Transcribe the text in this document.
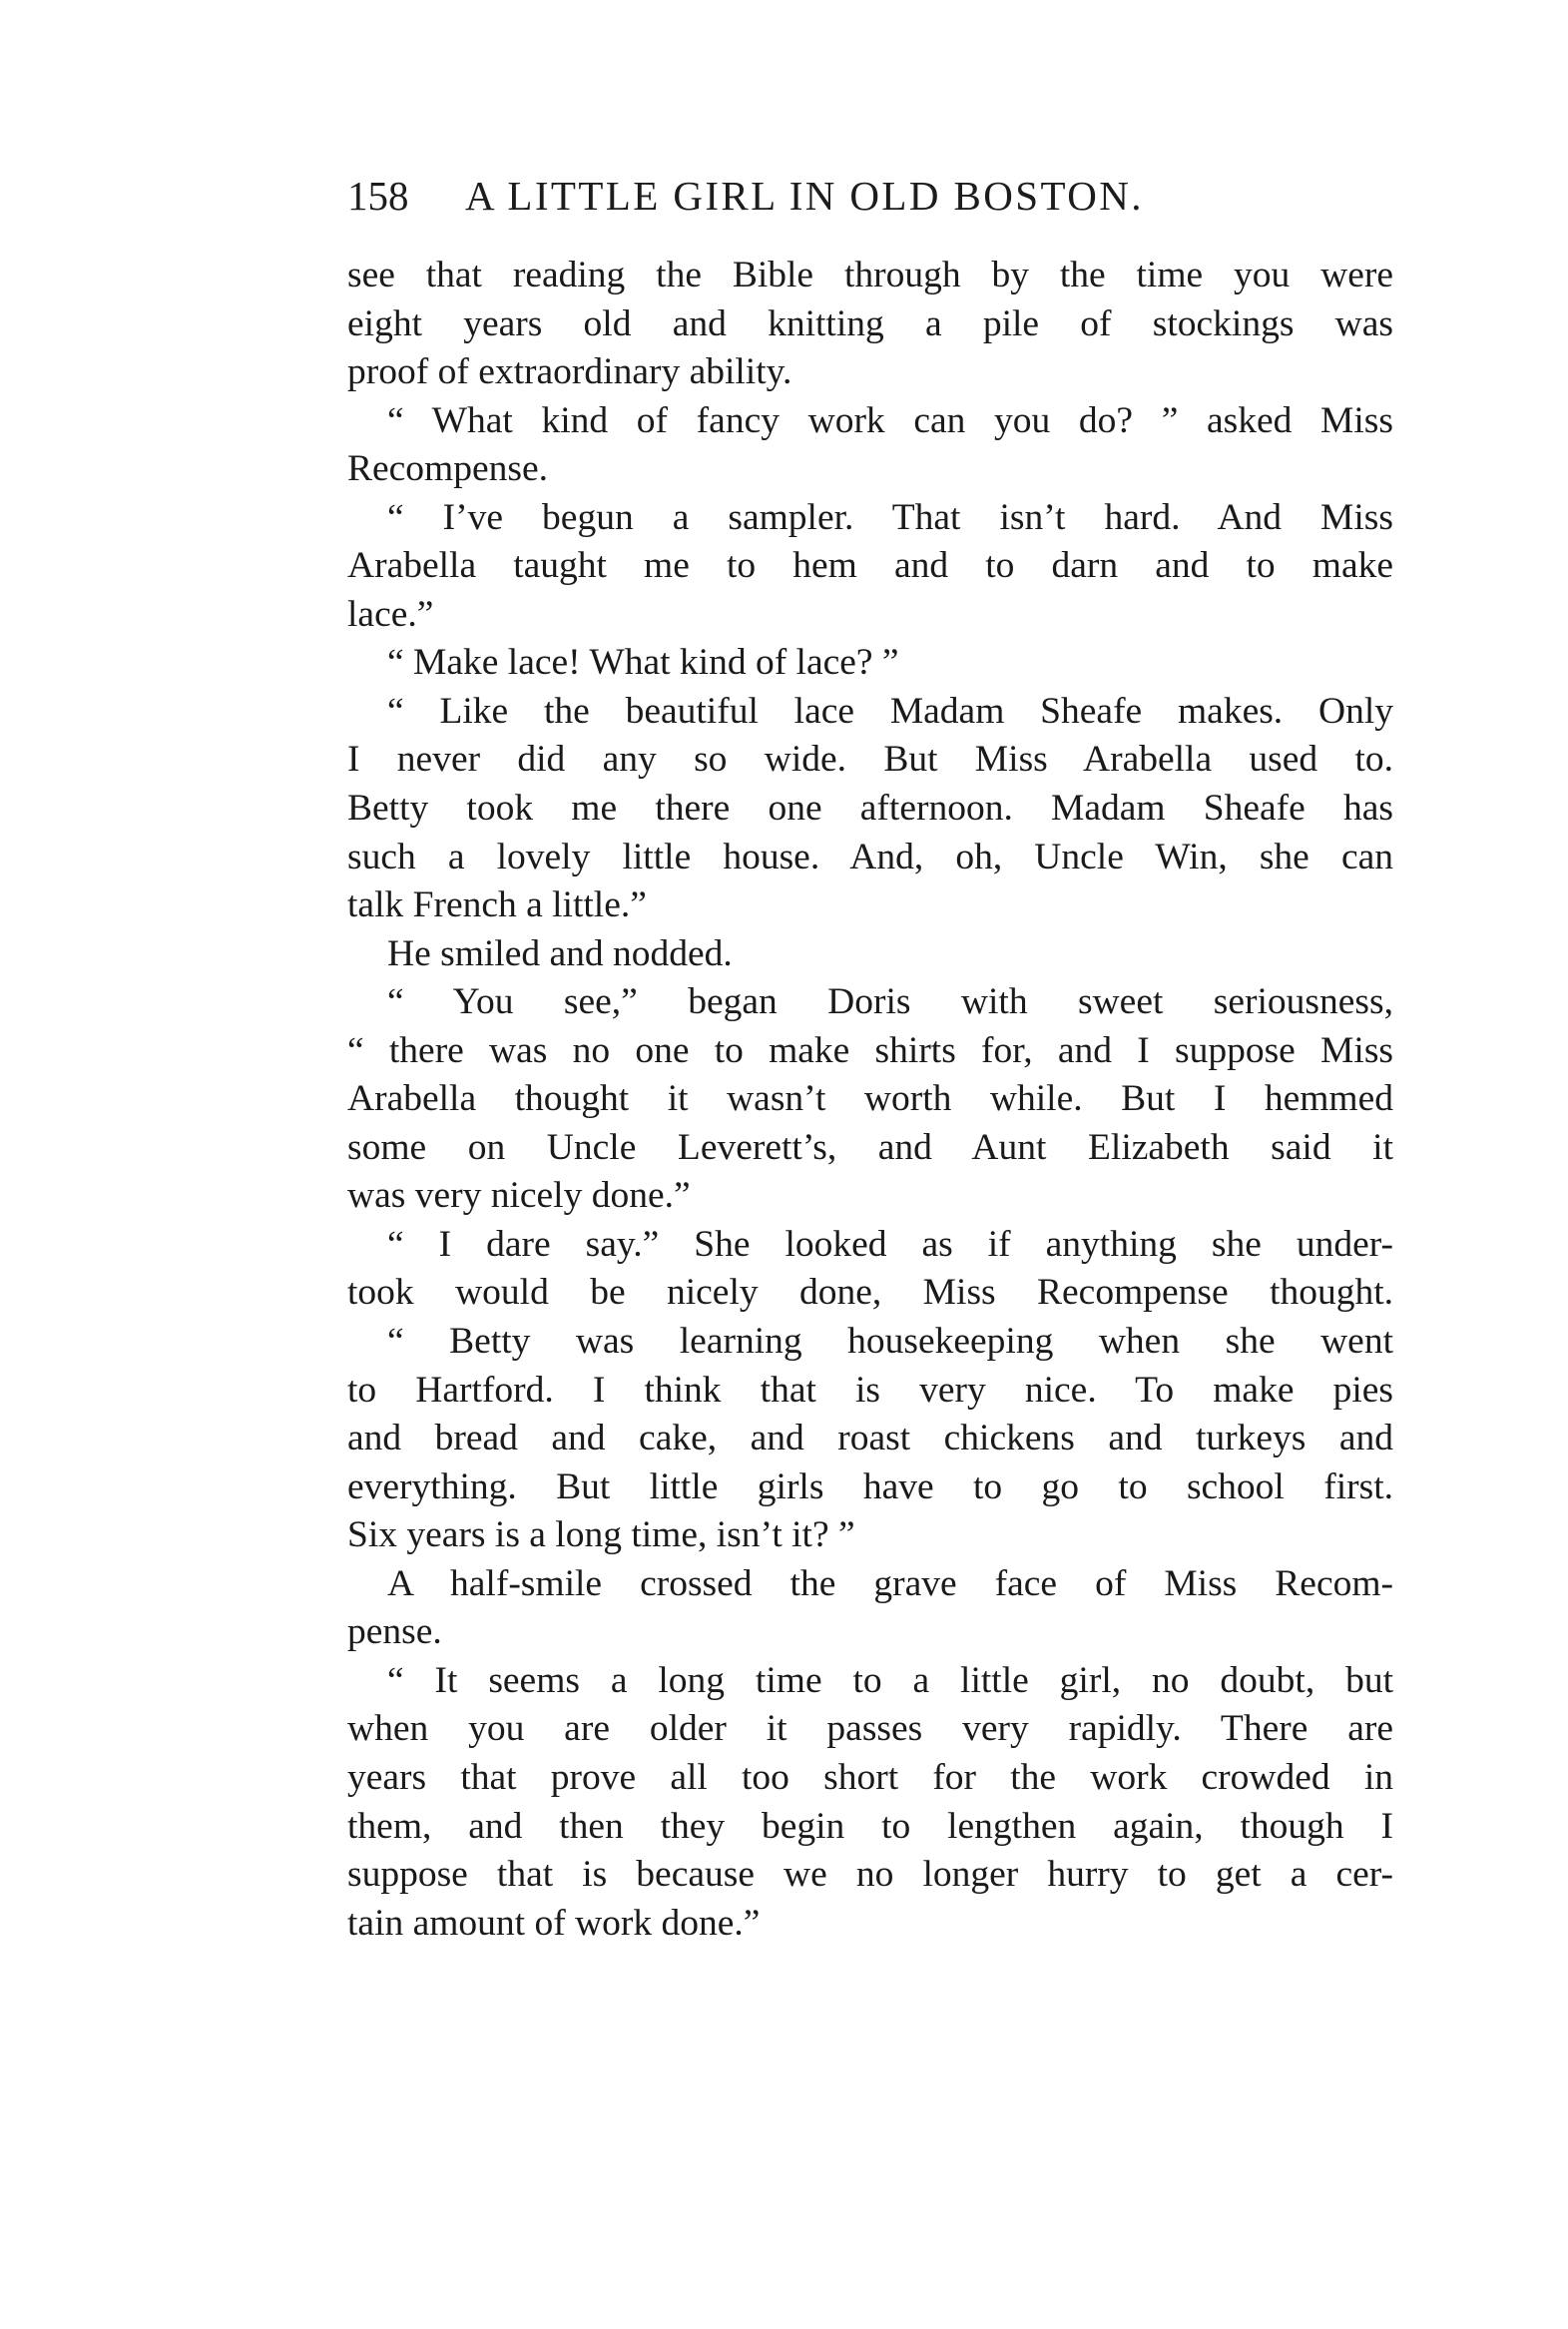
158 A LITTLE GIRL IN OLD BOSTON.
see that reading the Bible through by the time you were
eight years old and knitting a pile of stockings was
proof of extraordinary ability.
“ What kind of fancy work can you do? ” asked Miss
Recompense.
“ I’ve begun a sampler. That isn’t hard. And Miss
Arabella taught me to hem and to darn and to make
lace.”
“ Make lace! What kind of lace? ”
“ Like the beautiful lace Madam Sheafe makes. Only
I never did any so wide. But Miss Arabella used to.
Betty took me there one afternoon. Madam Sheafe has
such a lovely little house. And, oh, Uncle Win, she can
talk French a little.”
He smiled and nodded.
“ You see,” began Doris with sweet seriousness,
“ there was no one to make shirts for, and I suppose Miss
Arabella thought it wasn’t worth while. But I hemmed
some on Uncle Leverett’s, and Aunt Elizabeth said it
was very nicely done.”
“ I dare say.” She looked as if anything she under-
took would be nicely done, Miss Recompense thought.
“ Betty was learning housekeeping when she went
to Hartford. I think that is very nice. To make pies
and bread and cake, and roast chickens and turkeys and
everything. But little girls have to go to school first.
Six years is a long time, isn’t it? ”
A half-smile crossed the grave face of Miss Recom-
pense.
“ It seems a long time to a little girl, no doubt, but
when you are older it passes very rapidly. There are
years that prove all too short for the work crowded in
them, and then they begin to lengthen again, though I
suppose that is because we no longer hurry to get a cer-
tain amount of work done.”
